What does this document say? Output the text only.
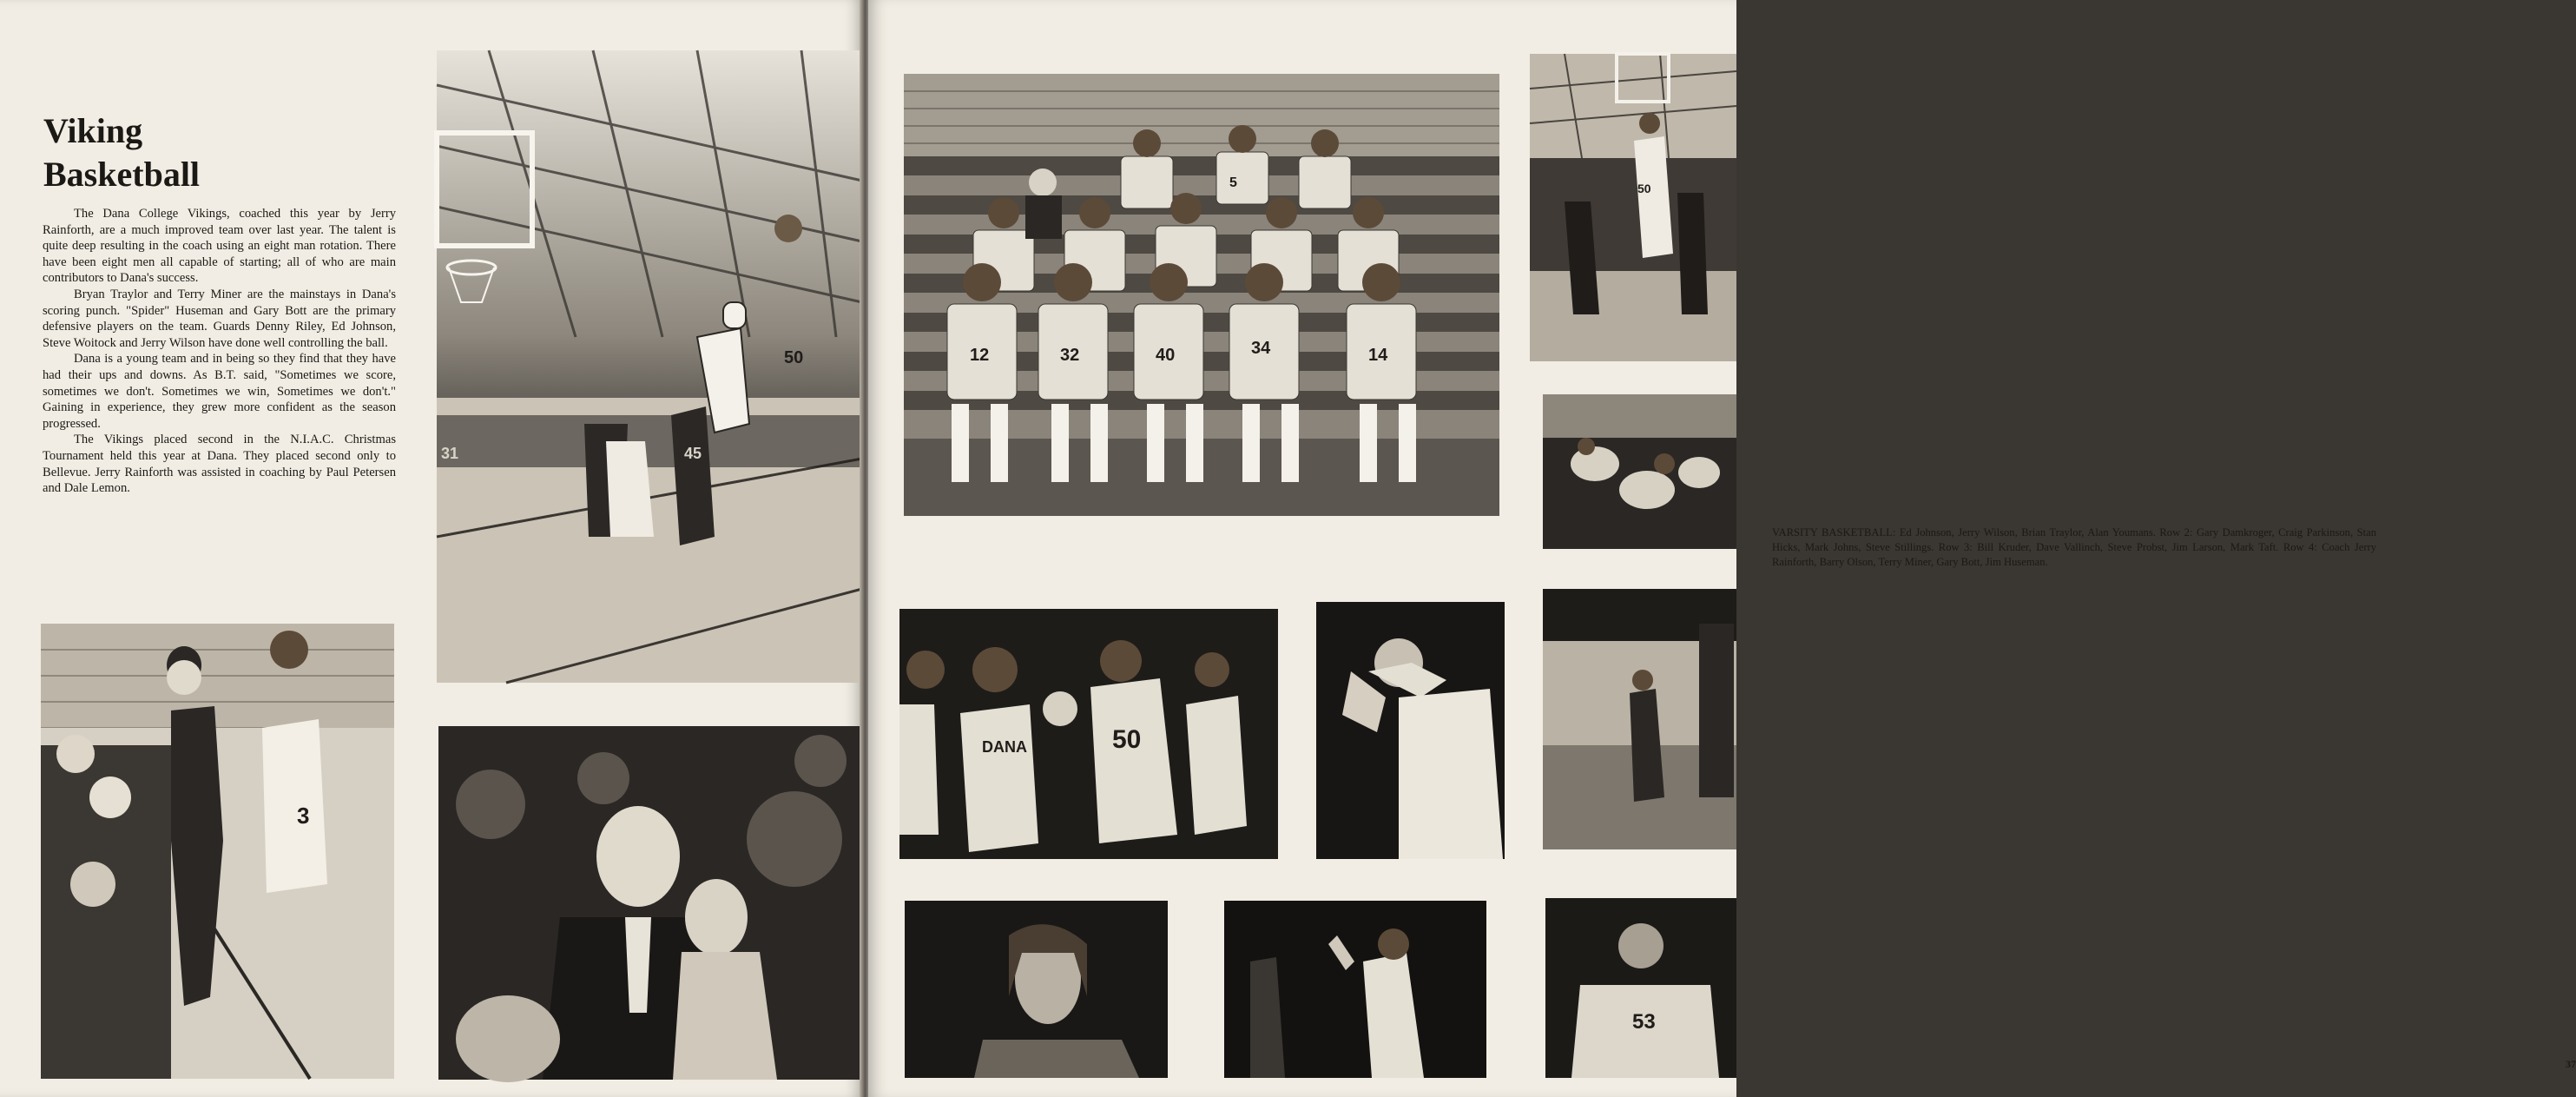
Viking
Basketball

The Dana College Vikings, coached this year by Jerry Rainforth, are a much improved team over last year. The talent is quite deep resulting in the coach using an eight man rotation. There have been eight men all capable of starting; all of who are main contributors to Dana's success.

Bryan Traylor and Terry Miner are the mainstays in Dana's scoring punch. "Spider" Huseman and Gary Bott are the primary defensive players on the team. Guards Denny Riley, Ed Johnson, Steve Woitock and Jerry Wilson have done well controlling the ball.

Dana is a young team and in being so they find that they have had their ups and downs. As B.T. said, "Sometimes we score, sometimes we don't. Sometimes we win, Sometimes we don't." Gaining in experience, they grew more confident as the season progressed.

The Vikings placed second in the N.I.A.C. Christmas Tournament held this year at Dana. They placed second only to Bellevue. Jerry Rainforth was assisted in coaching by Paul Petersen and Dale Lemon.

50
45
31
3
12	32	40	34	14
5

VARSITY BASKETBALL: Ed Johnson, Jerry Wilson, Brian Traylor, Alan Youmans. Row 2: Gary Damkroger, Craig Parkinson, Stan Hicks, Mark Johns, Steve Stillings. Row 3: Bill Kruder, Dave Vallinch, Steve Probst, Jim Larson, Mark Taft. Row 4: Coach Jerry Rainforth, Barry Olson, Terry Miner, Gary Bott, Jim Huseman.

50
50
DANA
53
37
